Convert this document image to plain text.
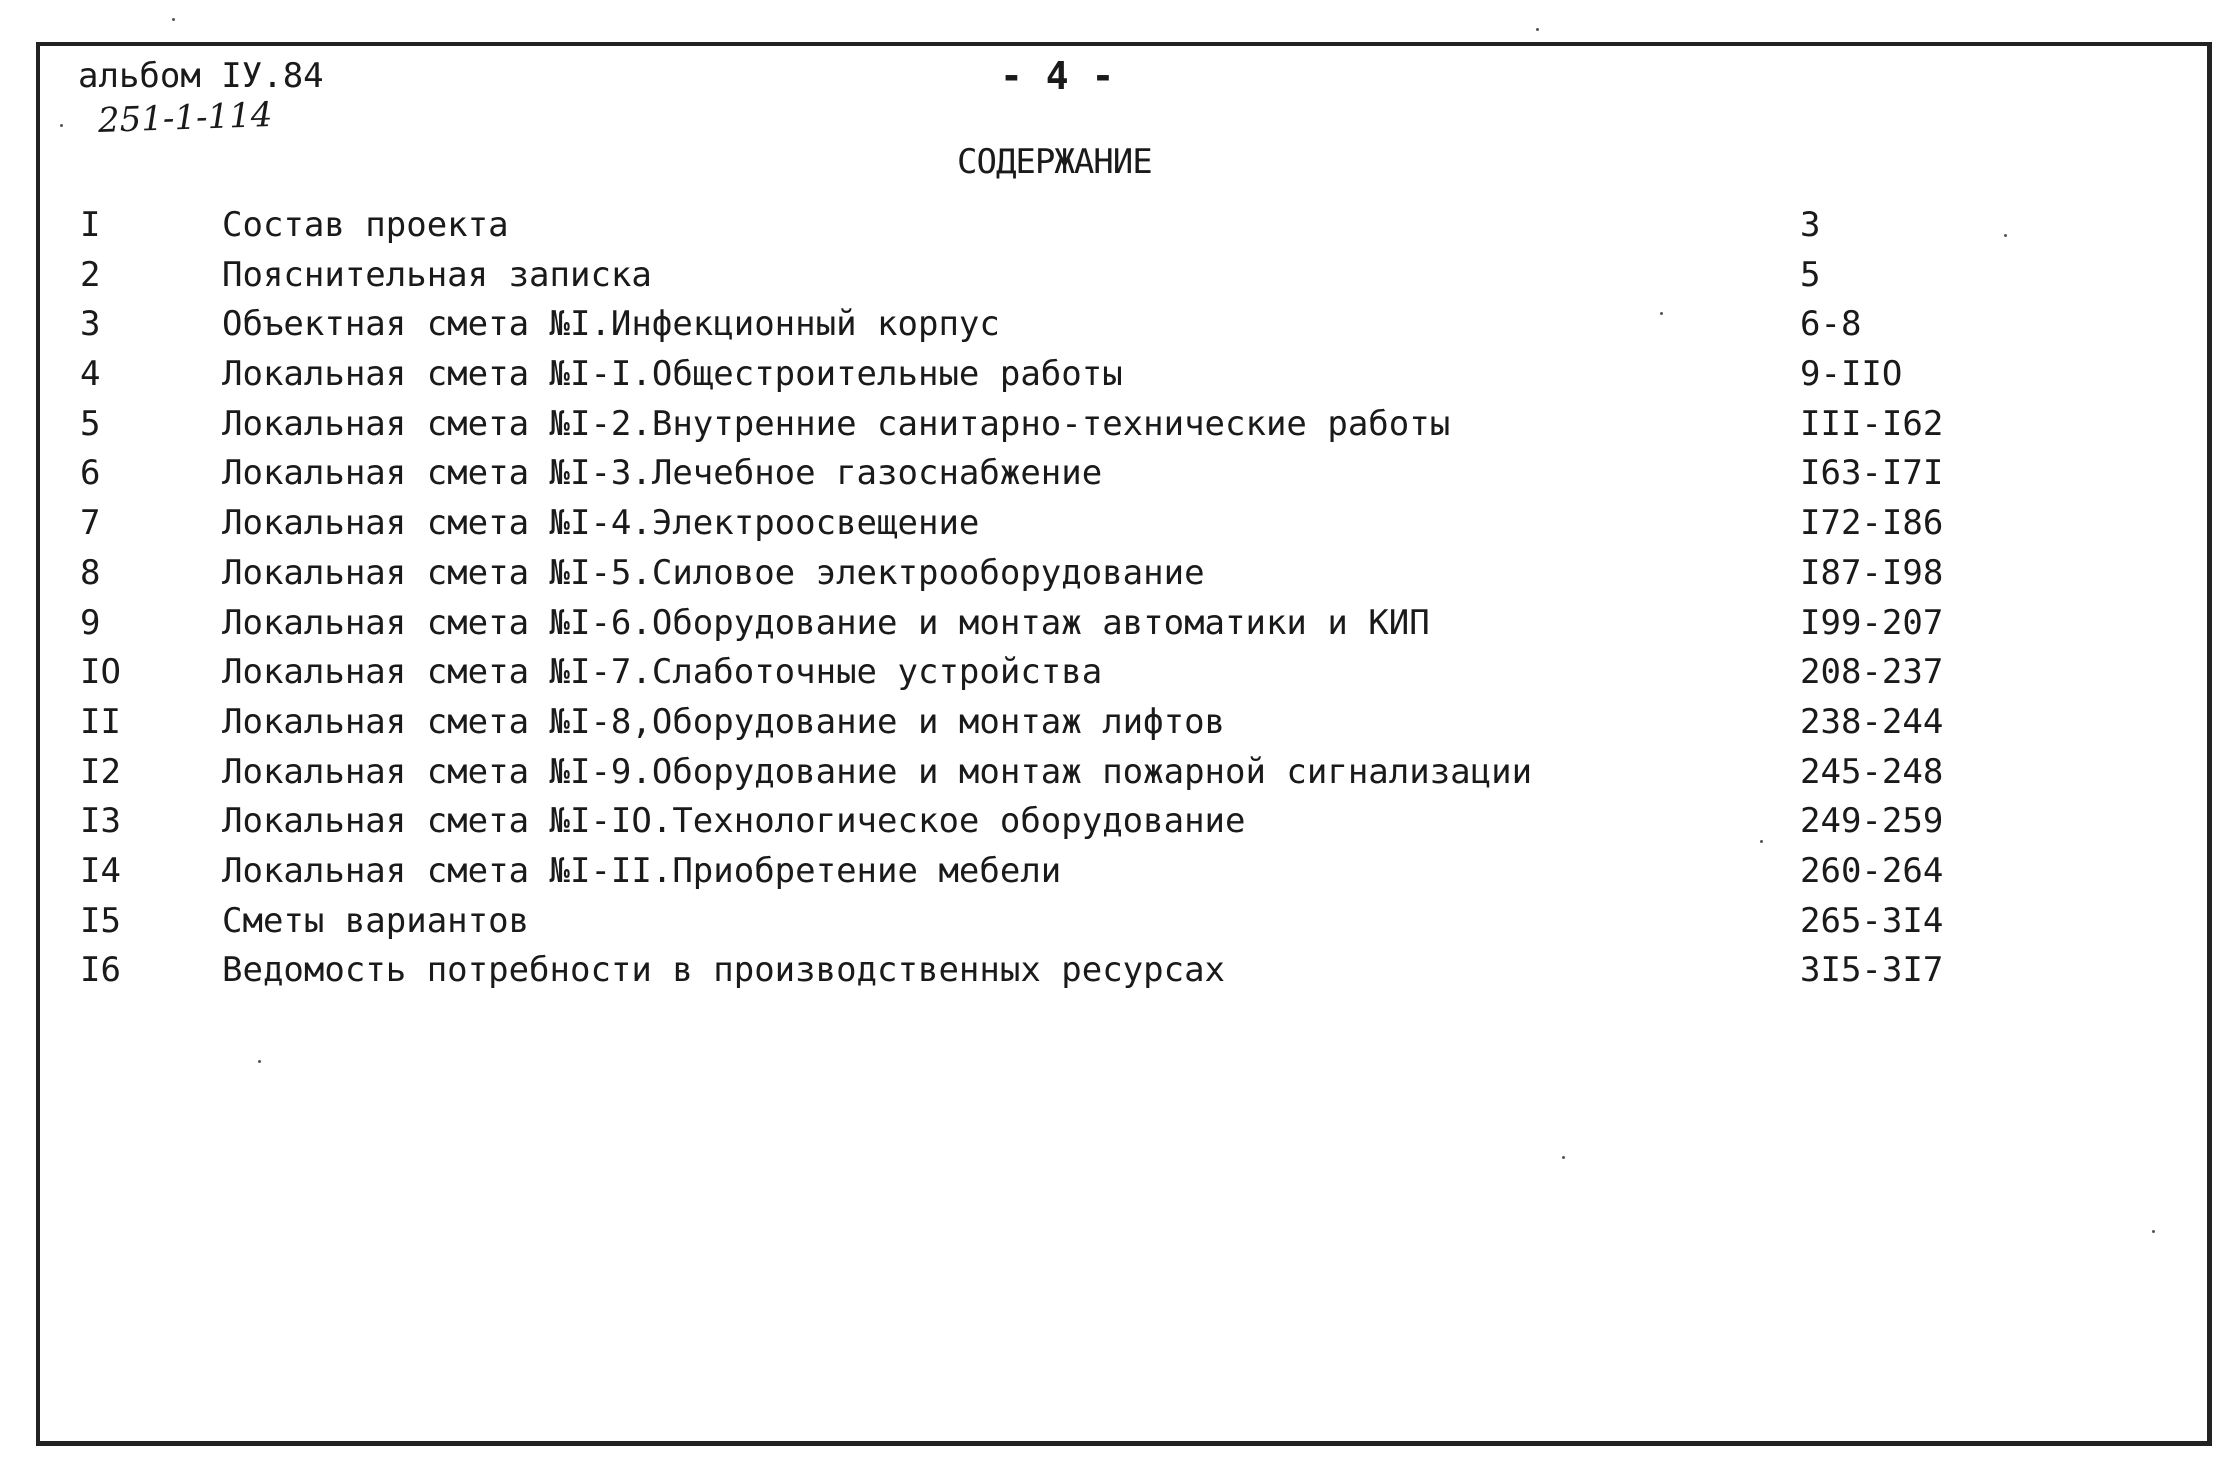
альбом IУ.84
251-1-114
- 4 -
СОДЕРЖАНИЕ
I	Состав проекта	3
2	Пояснительная записка	5
3	Объектная смета №I.Инфекционный корпус	6-8
4	Локальная смета №I-I.Общестроительные работы	9-IIO
5	Локальная смета №I-2.Внутренние санитарно-технические работы	III-I62
6	Локальная смета №I-3.Лечебное газоснабжение	I63-I7I
7	Локальная смета №I-4.Электроосвещение	I72-I86
8	Локальная смета №I-5.Силовое электрооборудование	I87-I98
9	Локальная смета №I-6.Оборудование и монтаж автоматики и КИП	I99-207
IO	Локальная смета №I-7.Слаботочные устройства	208-237
II	Локальная смета №I-8,Оборудование и монтаж лифтов	238-244
I2	Локальная смета №I-9.Оборудование и монтаж пожарной сигнализации	245-248
I3	Локальная смета №I-IO.Технологическое оборудование	249-259
I4	Локальная смета №I-II.Приобретение мебели	260-264
I5	Сметы вариантов	265-3I4
I6	Ведомость потребности в производственных ресурсах	3I5-3I7
